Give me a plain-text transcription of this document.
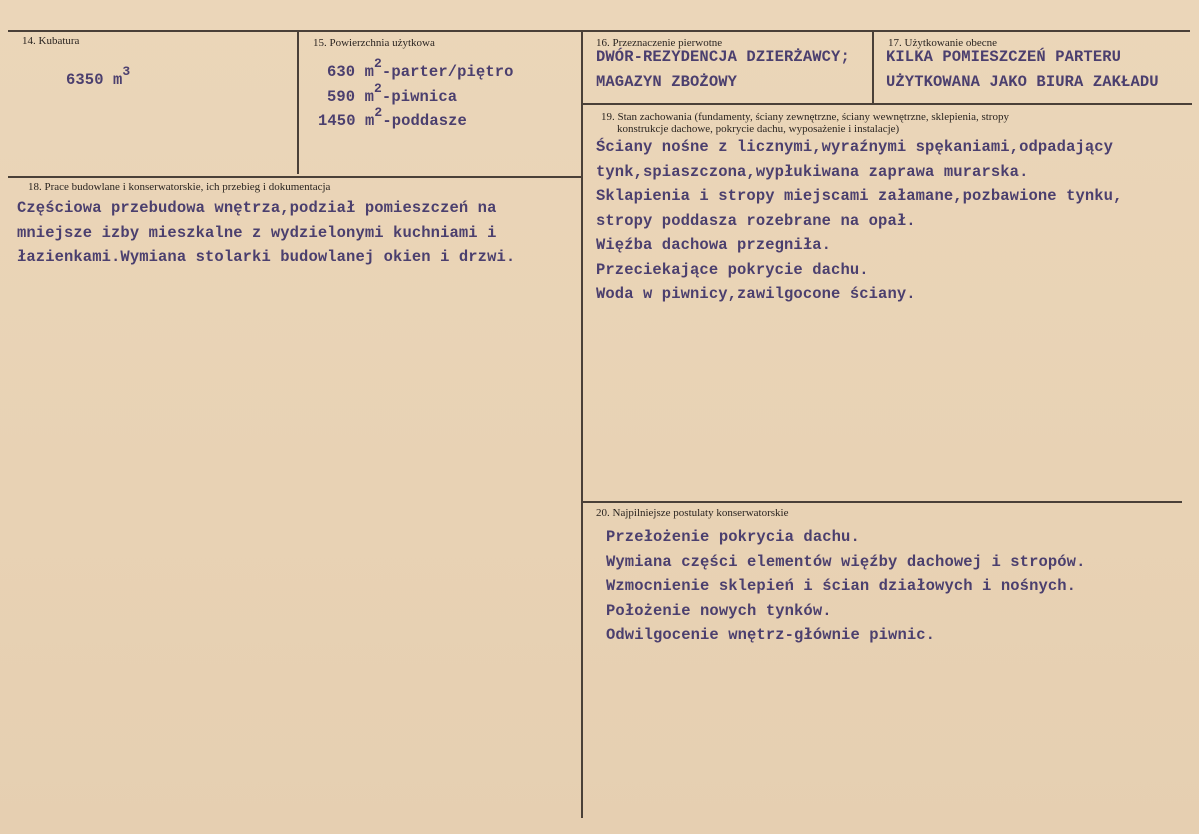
14. Kubatura
6350 $m^3$
15. Powierzchnia użytkowa
630 $m^2-parter$/piętro
590 $m^2$-piwnica
1450 $m^2$-poddasze
16. Przeznaczenie pierwotne
DWÓR-REZYDENCJA DZIERŻAWCY;
MAGAZYN ZBOŻOWY
17. Użytkowanie obecne
KILKA POMIESZCZEŃ PARTERU
UŻYTKOWANA JAKO BIURA ZAKŁADU
18. Prace budowlane i konserwatorskie, ich przebieg i dokumentacja
Częściowa przebudowa wnętrza,podział pomieszczeń na
mniejsze izby mieszkalne z wydzielonymi kuchniami i
łazienkami.Wymiana stolarki budowlanej okien i drzwi.
19. Stan zachowania (fundamenty, ściany zewnętrzne, ściany wewnętrzne, sklepienia, stropy
konstrukcje dachowe, pokrycie dachu, wyposażenie i instalacje)
Ściany nośne z licznymi,wyraźnymi spękaniami,odpadający
tynk,spiaszczona,wypłukiwana zaprawa murarska.
Sklapienia i stropy miejscami załamane,pozbawione tynku,
stropy poddasza rozebrane na opał.
Więźba dachowa przegniła.
Przeciekające pokrycie dachu.
Woda w piwnicy,zawilgocone ściany.
20. Najpilniejsze postulaty konserwatorskie
Przełożenie pokrycia dachu.
Wymiana części elementów więźby dachowej i stropów.
Wzmocnienie sklepień i ścian działowych i nośnych.
Położenie nowych tynków.
Odwilgocenie wnętrz-głównie piwnic.
